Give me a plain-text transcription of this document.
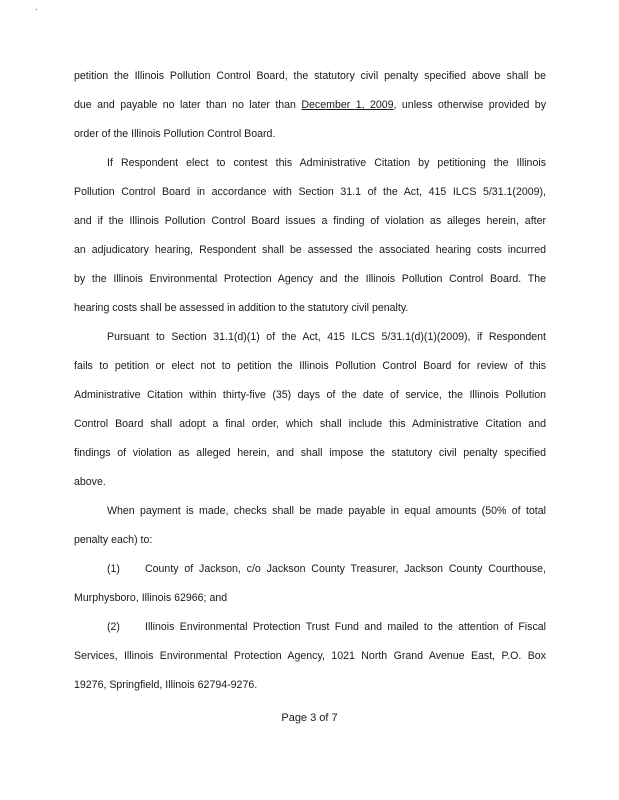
petition the Illinois Pollution Control Board, the statutory civil penalty specified above shall be
due and payable no later than no later than December 1, 2009, unless otherwise provided by
order of the Illinois Pollution Control Board.
If Respondent elect to contest this Administrative Citation by petitioning the Illinois
Pollution Control Board in accordance with Section 31.1 of the Act, 415 ILCS 5/31.1(2009),
and if the Illinois Pollution Control Board issues a finding of violation as alleges herein, after
an adjudicatory hearing, Respondent shall be assessed the associated hearing costs incurred
by the Illinois Environmental Protection Agency and the Illinois Pollution Control Board. The
hearing costs shall be assessed in addition to the statutory civil penalty.
Pursuant to Section 31.1(d)(1) of the Act, 415 ILCS 5/31.1(d)(1)(2009), if Respondent
fails to petition or elect not to petition the Illinois Pollution Control Board for review of this
Administrative Citation within thirty-five (35) days of the date of service, the Illinois Pollution
Control Board shall adopt a final order, which shall include this Administrative Citation and
findings of violation as alleged herein, and shall impose the statutory civil penalty specified
above.
When payment is made, checks shall be made payable in equal amounts (50% of total
penalty each) to:
(1) County of Jackson, c/o Jackson County Treasurer, Jackson County Courthouse,
Murphysboro, Illinois 62966; and
(2) Illinois Environmental Protection Trust Fund and mailed to the attention of Fiscal
Services, Illinois Environmental Protection Agency, 1021 North Grand Avenue East, P.O. Box
19276, Springfield, Illinois 62794-9276.
Page 3 of 7
